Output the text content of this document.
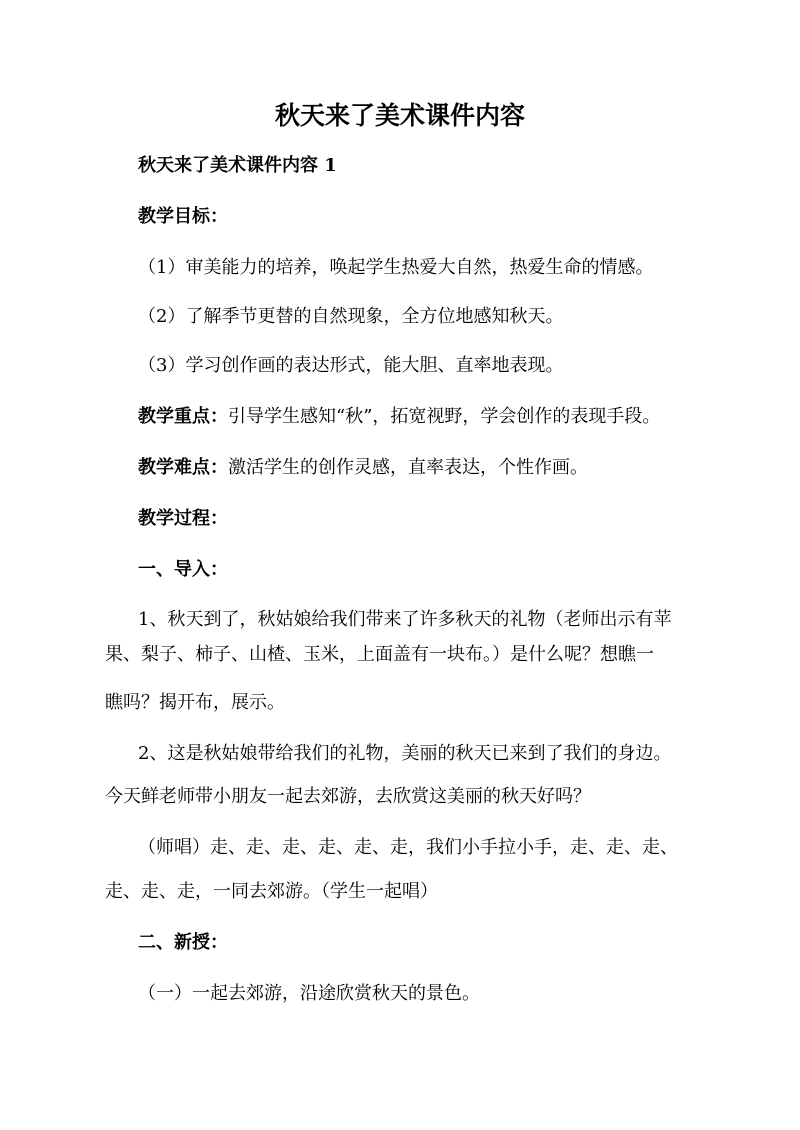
秋天来了美术课件内容
秋天来了美术课件内容 1
教学目标：
（1）审美能力的培养，唤起学生热爱大自然，热爱生命的情感。
（2）了解季节更替的自然现象，全方位地感知秋天。
（3）学习创作画的表达形式，能大胆、直率地表现。
教学重点：引导学生感知“秋”，拓宽视野，学会创作的表现手段。
教学难点：激活学生的创作灵感，直率表达，个性作画。
教学过程：
一、导入：
1、秋天到了，秋姑娘给我们带来了许多秋天的礼物（老师出示有苹
果、梨子、柿子、山楂、玉米，上面盖有一块布。）是什么呢？想瞧一
瞧吗？揭开布，展示。
2、这是秋姑娘带给我们的礼物，美丽的秋天已来到了我们的身边。
今天鲜老师带小朋友一起去郊游，去欣赏这美丽的秋天好吗？
（师唱）走、走、走、走、走、走，我们小手拉小手，走、走、走、
走、走、走，一同去郊游。（学生一起唱）
二、新授：
（一）一起去郊游，沿途欣赏秋天的景色。
